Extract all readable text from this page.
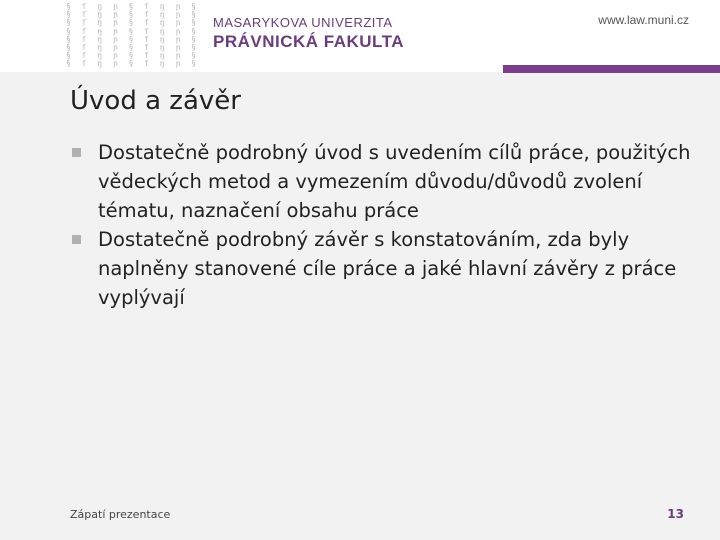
§ ſ ŋ ɲ § ſ ŋ ɲ §
§ ſ ŋ ɲ § ſ ŋ ɲ §
§ ſ ŋ ɲ § ſ ŋ ɲ §
§ ſ ŋ ɲ § ſ ŋ ɲ §
§ ſ ŋ ɲ § ſ ŋ ɲ §
§ ſ ŋ ɲ § ſ ŋ ɲ §
§ ſ ŋ ɲ § ſ ŋ ɲ §
§ ſ ŋ ɲ § ſ ŋ ɲ §
MASARYKOVA UNIVERZITA
PRÁVNICKÁ FAKULTA
www.law.muni.cz
Úvod a závěr
Dostatečně podrobný úvod s uvedením cílů práce, použitých vědeckých metod a vymezením důvodu/důvodů zvolení tématu, naznačení obsahu práce
Dostatečně podrobný závěr s konstatováním, zda byly naplněny stanovené cíle práce a jaké hlavní závěry z práce vyplývají
Zápatí prezentace	13
